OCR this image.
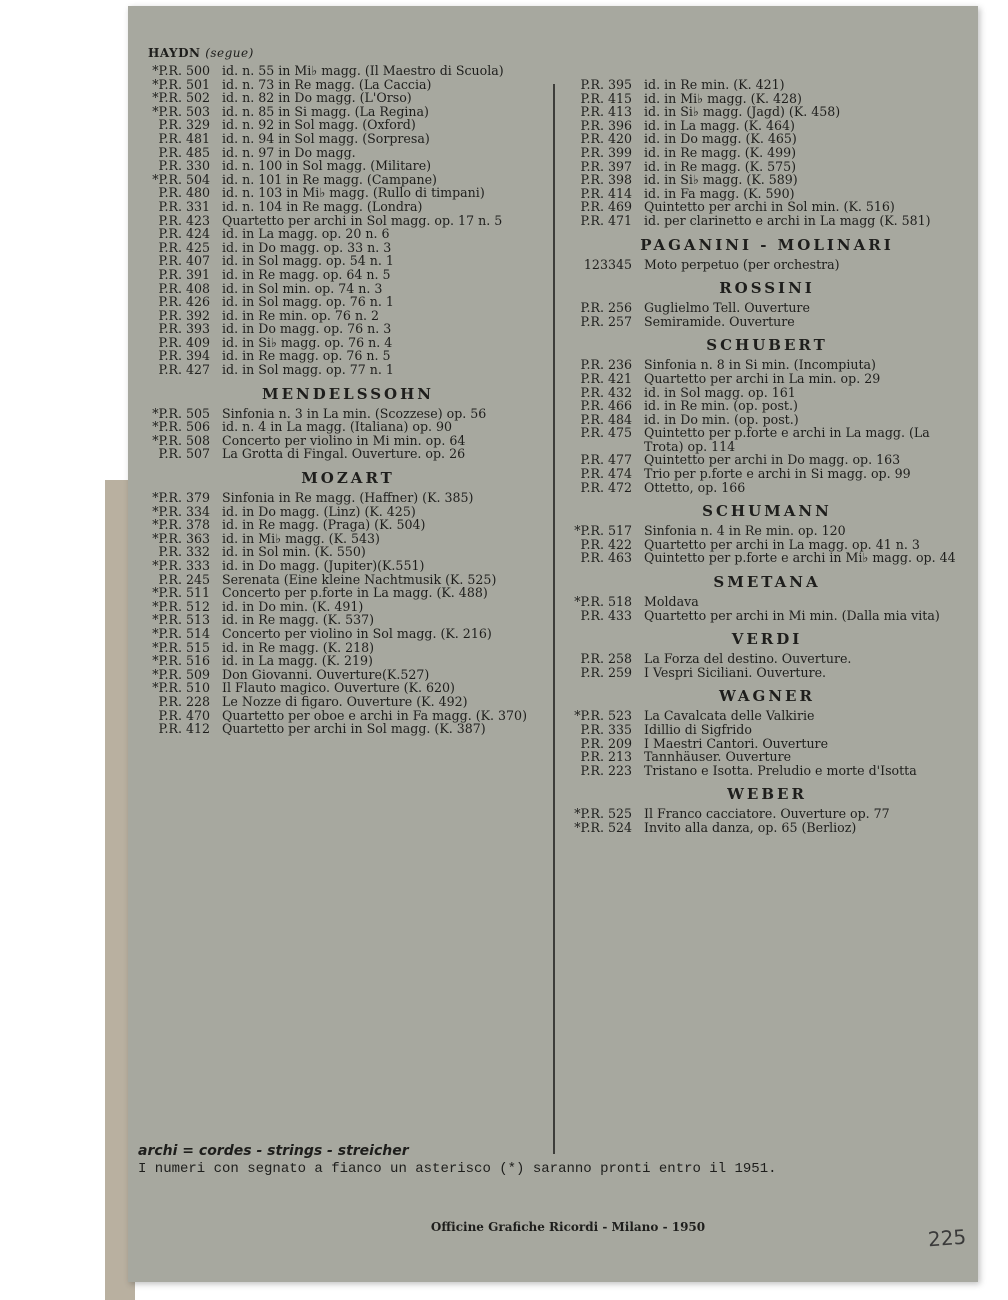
HAYDN (segue)
*P.R. 500 id. n. 55 in Mi♭ magg. (Il Maestro di Scuola)
*P.R. 501 id. n. 73 in Re magg. (La Caccia)
*P.R. 502 id. n. 82 in Do magg. (L'Orso)
*P.R. 503 id. n. 85 in Si magg. (La Regina)
P.R. 329 id. n. 92 in Sol magg. (Oxford)
P.R. 481 id. n. 94 in Sol magg. (Sorpresa)
P.R. 485 id. n. 97 in Do magg.
P.R. 330 id. n. 100 in Sol magg. (Militare)
*P.R. 504 id. n. 101 in Re magg. (Campane)
P.R. 480 id. n. 103 in Mi♭ magg. (Rullo di timpani)
P.R. 331 id. n. 104 in Re magg. (Londra)
P.R. 423 Quartetto per archi in Sol magg. op. 17 n. 5
P.R. 424 id. in La magg. op. 20 n. 6
P.R. 425 id. in Do magg. op. 33 n. 3
P.R. 407 id. in Sol magg. op. 54 n. 1
P.R. 391 id. in Re magg. op. 64 n. 5
P.R. 408 id. in Sol min. op. 74 n. 3
P.R. 426 id. in Sol magg. op. 76 n. 1
P.R. 392 id. in Re min. op. 76 n. 2
P.R. 393 id. in Do magg. op. 76 n. 3
P.R. 409 id. in Si♭ magg. op. 76 n. 4
P.R. 394 id. in Re magg. op. 76 n. 5
P.R. 427 id. in Sol magg. op. 77 n. 1
MENDELSSOHN
*P.R. 505 Sinfonia n. 3 in La min. (Scozzese) op. 56
*P.R. 506 id. n. 4 in La magg. (Italiana) op. 90
*P.R. 508 Concerto per violino in Mi min. op. 64
P.R. 507 La Grotta di Fingal. Ouverture. op. 26
MOZART
*P.R. 379 Sinfonia in Re magg. (Haffner) (K. 385)
*P.R. 334 id. in Do magg. (Linz) (K. 425)
*P.R. 378 id. in Re magg. (Praga) (K. 504)
*P.R. 363 id. in Mi♭ magg. (K. 543)
P.R. 332 id. in Sol min. (K. 550)
*P.R. 333 id. in Do magg. (Jupiter)(K.551)
P.R. 245 Serenata (Eine kleine Nachtmusik (K. 525)
*P.R. 511 Concerto per p.forte in La magg. (K. 488)
*P.R. 512 id. in Do min. (K. 491)
*P.R. 513 id. in Re magg. (K. 537)
*P.R. 514 Concerto per violino in Sol magg. (K. 216)
*P.R. 515 id. in Re magg. (K. 218)
*P.R. 516 id. in La magg. (K. 219)
*P.R. 509 Don Giovanni. Ouverture(K.527)
*P.R. 510 Il Flauto magico. Ouverture (K. 620)
P.R. 228 Le Nozze di figaro. Ouverture (K. 492)
P.R. 470 Quartetto per oboe e archi in Fa magg. (K. 370)
P.R. 412 Quartetto per archi in Sol magg. (K. 387)
P.R. 395 id. in Re min. (K. 421)
P.R. 415 id. in Mi♭ magg. (K. 428)
P.R. 413 id. in Si♭ magg. (Jagd) (K. 458)
P.R. 396 id. in La magg. (K. 464)
P.R. 420 id. in Do magg. (K. 465)
P.R. 399 id. in Re magg. (K. 499)
P.R. 397 id. in Re magg. (K. 575)
P.R. 398 id. in Si♭ magg. (K. 589)
P.R. 414 id. in Fa magg. (K. 590)
P.R. 469 Quintetto per archi in Sol min. (K. 516)
P.R. 471 id. per clarinetto e archi in La magg (K. 581)
PAGANINI - MOLINARI
123345 Moto perpetuo (per orchestra)
ROSSINI
P.R. 256 Guglielmo Tell. Ouverture
P.R. 257 Semiramide. Ouverture
SCHUBERT
P.R. 236 Sinfonia n. 8 in Si min. (Incompiuta)
P.R. 421 Quartetto per archi in La min. op. 29
P.R. 432 id. in Sol magg. op. 161
P.R. 466 id. in Re min. (op. post.)
P.R. 484 id. in Do min. (op. post.)
P.R. 475 Quintetto per p.forte e archi in La magg. (La Trota) op. 114
P.R. 477 Quintetto per archi in Do magg. op. 163
P.R. 474 Trio per p.forte e archi in Si magg. op. 99
P.R. 472 Ottetto, op. 166
SCHUMANN
*P.R. 517 Sinfonia n. 4 in Re min. op. 120
P.R. 422 Quartetto per archi in La magg. op. 41 n. 3
P.R. 463 Quintetto per p.forte e archi in Mi♭ magg. op. 44
SMETANA
*P.R. 518 Moldava
P.R. 433 Quartetto per archi in Mi min. (Dalla mia vita)
VERDI
P.R. 258 La Forza del destino. Ouverture.
P.R. 259 I Vespri Siciliani. Ouverture.
WAGNER
*P.R. 523 La Cavalcata delle Valkirie
P.R. 335 Idillio di Sigfrido
P.R. 209 I Maestri Cantori. Ouverture
P.R. 213 Tannhäuser. Ouverture
P.R. 223 Tristano e Isotta. Preludio e morte d'Isotta
WEBER
*P.R. 525 Il Franco cacciatore. Ouverture op. 77
*P.R. 524 Invito alla danza, op. 65 (Berlioz)
archi = cordes - strings - streicher
I numeri con segnato a fianco un asterisco (*) saranno pronti entro il 1951.
Officine Grafiche Ricordi - Milano - 1950	225
